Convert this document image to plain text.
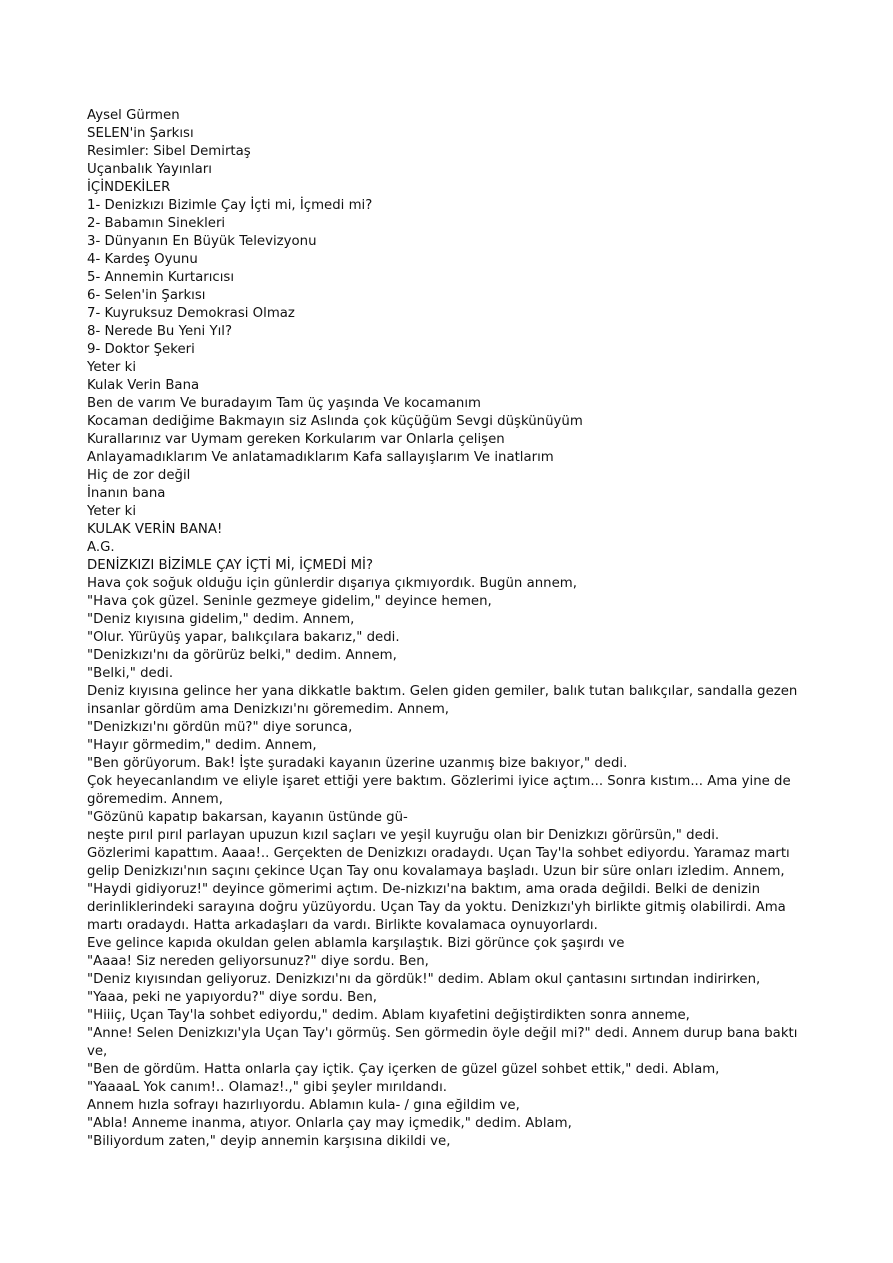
Aysel Gürmen
SELEN'in Şarkısı
Resimler: Sibel Demirtaş
Uçanbalık Yayınları
İÇİNDEKİLER
1- Denizkızı Bizimle Çay İçti mi, İçmedi mi?
2- Babamın Sinekleri
3- Dünyanın En Büyük Televizyonu
4- Kardeş Oyunu
5- Annemin Kurtarıcısı
6- Selen'in Şarkısı
7- Kuyruksuz Demokrasi Olmaz
8- Nerede Bu Yeni Yıl?
9- Doktor Şekeri
Yeter ki
Kulak Verin Bana
Ben de varım Ve buradayım Tam üç yaşında Ve kocamanım
Kocaman dediğime Bakmayın siz Aslında çok küçüğüm Sevgi düşkünüyüm
Kurallarınız var Uymam gereken Korkularım var Onlarla çelişen
Anlayamadıklarım Ve anlatamadıklarım Kafa sallayışlarım Ve inatlarım
Hiç de zor değil
İnanın bana
Yeter ki
KULAK VERİN BANA!
A.G.
DENİZKIZI BİZİMLE ÇAY İÇTİ Mİ, İÇMEDİ Mİ?
Hava çok soğuk olduğu için günlerdir dışarıya çıkmıyordık. Bugün annem,
"Hava çok güzel. Seninle gezmeye gidelim," deyince hemen,
"Deniz kıyısına gidelim," dedim. Annem,
"Olur. Yürüyüş yapar, balıkçılara bakarız," dedi.
"Denizkızı'nı da görürüz belki," dedim. Annem,
"Belki," dedi.
Deniz kıyısına gelince her yana dikkatle baktım. Gelen giden gemiler, balık tutan balıkçılar, sandalla gezen insanlar gördüm ama Denizkızı'nı göremedim. Annem,
"Denizkızı'nı gördün mü?" diye sorunca,
"Hayır görmedim," dedim. Annem,
"Ben görüyorum. Bak! İşte şuradaki kayanın üzerine uzanmış bize bakıyor," dedi.
Çok heyecanlandım ve eliyle işaret ettiği yere baktım. Gözlerimi iyice açtım... Sonra kıstım... Ama yine de göremedim. Annem,
"Gözünü kapatıp bakarsan, kayanın üstünde gü-
neşte pırıl pırıl parlayan upuzun kızıl saçları ve yeşil kuyruğu olan bir Denizkızı görürsün," dedi.
Gözlerimi kapattım. Aaaa!.. Gerçekten de Denizkızı oradaydı. Uçan Tay'la sohbet ediyordu. Yaramaz martı gelip Denizkızı'nın saçını çekince Uçan Tay onu kovalamaya başladı. Uzun bir süre onları izledim. Annem,
"Haydi gidiyoruz!" deyince gömerimi açtım. De-nizkızı'na baktım, ama orada değildi. Belki de denizin derinliklerindeki sarayına doğru yüzüyordu. Uçan Tay da yoktu. Denizkızı'yh birlikte gitmiş olabilirdi. Ama martı oradaydı. Hatta arkadaşları da vardı. Birlikte kovalamaca oynuyorlardı.
Eve gelince kapıda okuldan gelen ablamla karşılaştık. Bizi görünce çok şaşırdı ve
"Aaaa! Siz nereden geliyorsunuz?" diye sordu. Ben,
"Deniz kıyısından geliyoruz. Denizkızı'nı da gördük!" dedim. Ablam okul çantasını sırtından indirirken,
"Yaaa, peki ne yapıyordu?" diye sordu. Ben,
"Hiiiç, Uçan Tay'la sohbet ediyordu," dedim. Ablam kıyafetini değiştirdikten sonra anneme,
"Anne! Selen Denizkızı'yla Uçan Tay'ı görmüş. Sen görmedin öyle değil mi?" dedi. Annem durup bana baktı ve,
"Ben de gördüm. Hatta onlarla çay içtik. Çay içerken de güzel güzel sohbet ettik," dedi. Ablam,
"YaaaaL Yok canım!.. Olamaz!.," gibi şeyler mırıldandı.
Annem hızla sofrayı hazırlıyordu. Ablamın kula- / gına eğildim ve,
"Abla! Anneme inanma, atıyor. Onlarla çay may içmedik," dedim. Ablam,
"Biliyordum zaten," deyip annemin karşısına dikildi ve,
